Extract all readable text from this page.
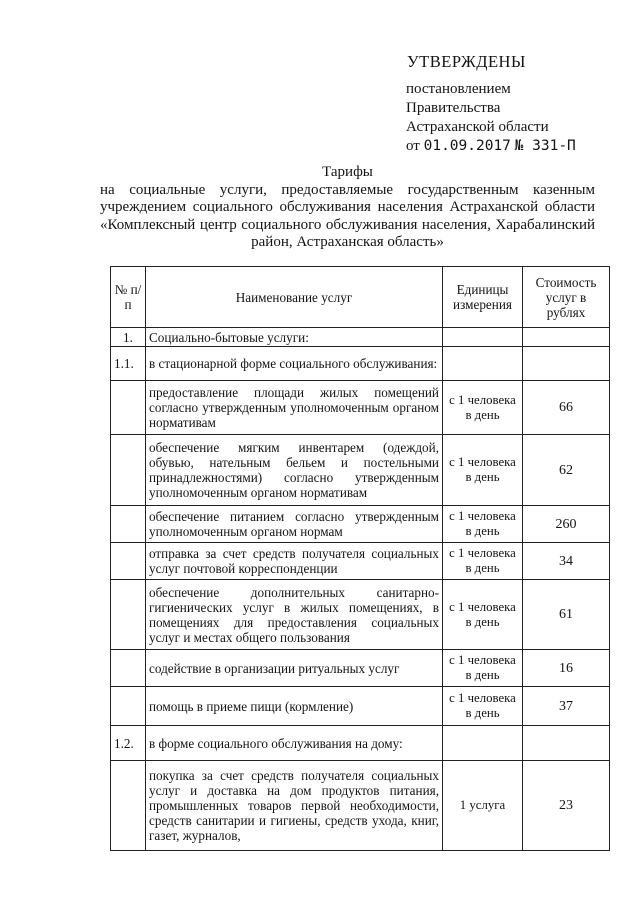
УТВЕРЖДЕНЫ
постановлением
Правительства
Астраханской области
от 01.09.2017 № 331-П
Тарифы
на социальные услуги, предоставляемые государственным казенным учреждением социального обслуживания населения Астраханской области «Комплексный центр социального обслуживания населения, Харабалинский район, Астраханская область»
№ п/п	Наименование услуг	Единицы измерения	Стоимость услуг в рублях
1.	Социально-бытовые услуги:		
1.1.	в стационарной форме социального обслуживания:		
	предоставление площади жилых помещений согласно утвержденным уполномоченным органом нормативам	с 1 человека в день	66
	обеспечение мягким инвентарем (одеждой, обувью, нательным бельем и постельными принадлежностями) согласно утвержденным уполномоченным органом нормативам	с 1 человека в день	62
	обеспечение питанием согласно утвержденным уполномоченным органом нормам	с 1 человека в день	260
	отправка за счет средств получателя социальных услуг почтовой корреспонденции	с 1 человека в день	34
	обеспечение дополнительных санитарно-гигиенических услуг в жилых помещениях, в помещениях для предоставления социальных услуг и местах общего пользования	с 1 человека в день	61
	содействие в организации ритуальных услуг	с 1 человека в день	16
	помощь в приеме пищи (кормление)	с 1 человека в день	37
1.2.	в форме социального обслуживания на дому:		
	покупка за счет средств получателя социальных услуг и доставка на дом продуктов питания, промышленных товаров первой необходимости, средств санитарии и гигиены, средств ухода, книг, газет, журналов,	1 услуга	23
